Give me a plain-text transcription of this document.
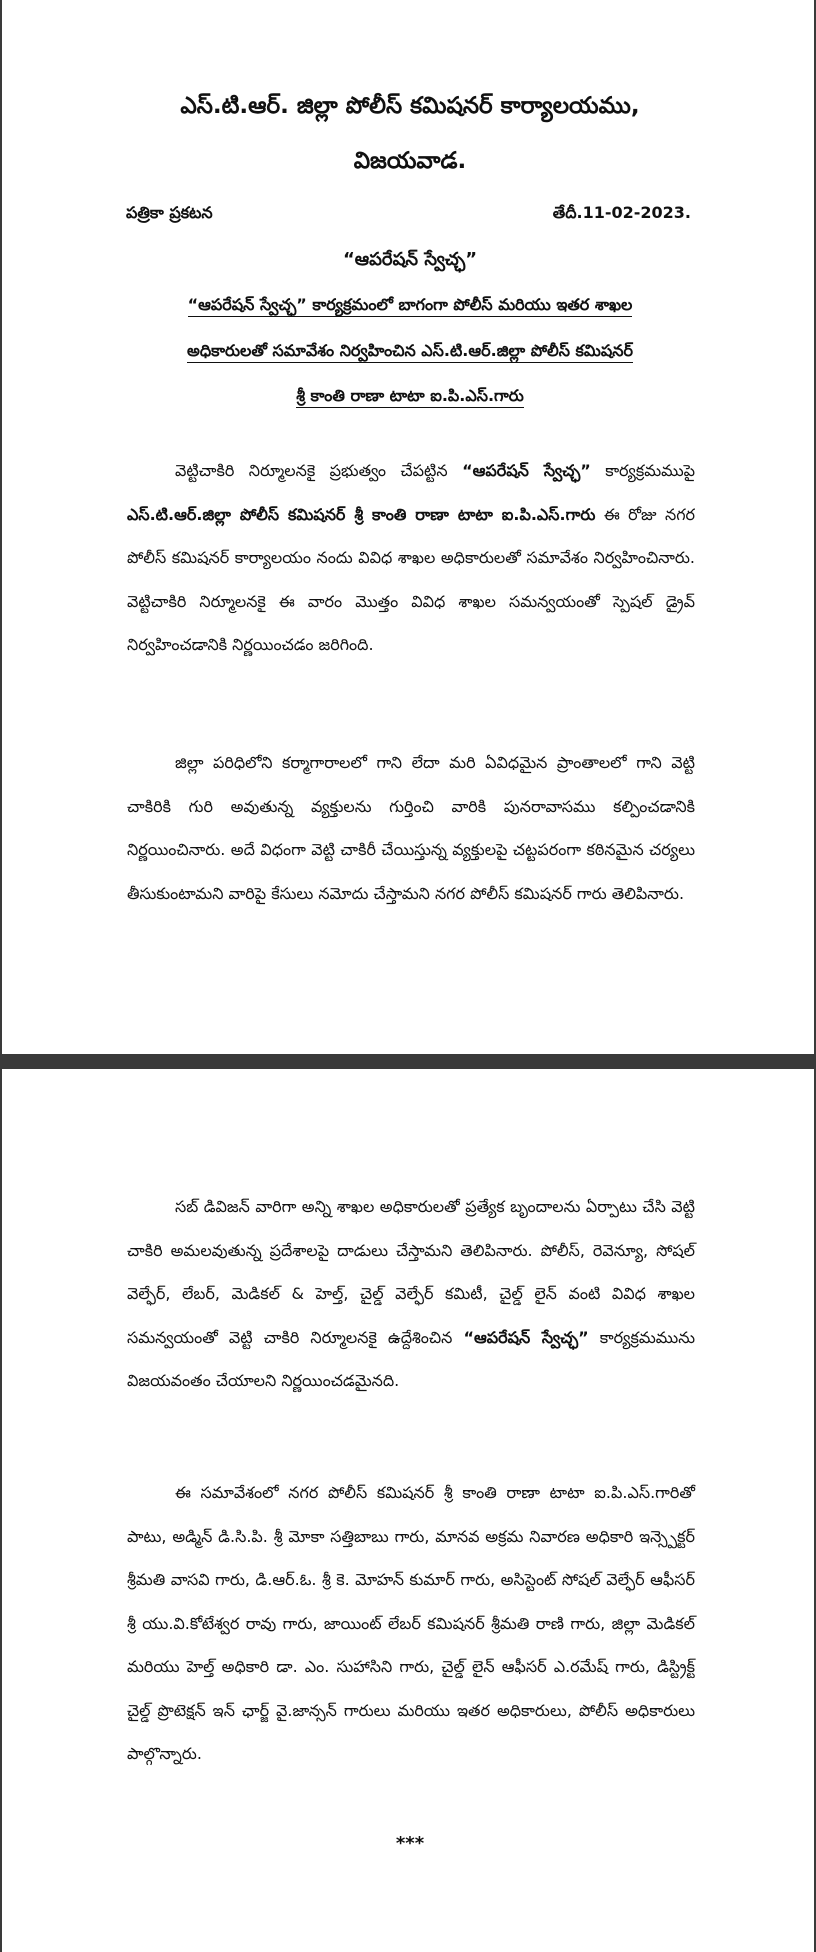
ఎస్.టి.ఆర్. జిల్లా పోలీస్ కమిషనర్ కార్యాలయము,
విజయవాడ.
పత్రికా ప్రకటన	తేదీ.11-02-2023.
“ఆపరేషన్ స్వేచ్ఛ”
“ఆపరేషన్ స్వేచ్ఛ” కార్యక్రమంలో బాగంగా పోలీస్ మరియు ఇతర శాఖల
అధికారులతో సమావేశం నిర్వహించిన ఎస్.టి.ఆర్.జిల్లా పోలీస్ కమిషనర్
శ్రీ కాంతి రాణా టాటా ఐ.పి.ఎస్.గారు

వెట్టిచాకిరి నిర్మూలనకై ప్రభుత్వం చేపట్టిన “ఆపరేషన్ స్వేచ్ఛ” కార్యక్రమముపై ఎస్.టి.ఆర్.జిల్లా పోలీస్ కమిషనర్ శ్రీ కాంతి రాణా టాటా ఐ.పి.ఎస్.గారు ఈ రోజు నగర పోలీస్ కమిషనర్ కార్యాలయం నందు వివిధ శాఖల అధికారులతో సమావేశం నిర్వహించినారు. వెట్టిచాకిరి నిర్మూలనకై ఈ వారం మొత్తం వివిధ శాఖల సమన్వయంతో స్పెషల్ డ్రైవ్ నిర్వహించడానికి నిర్ణయించడం జరిగింది.

జిల్లా పరిధిలోని కర్మాగారాలలో గాని లేదా మరి ఏవిధమైన ప్రాంతాలలో గాని వెట్టి చాకిరికి గురి అవుతున్న వ్యక్తులను గుర్తించి వారికి పునరావాసము కల్పించడానికి నిర్ణయించినారు. అదే విధంగా వెట్టి చాకిరీ చేయిస్తున్న వ్యక్తులపై చట్టపరంగా కఠినమైన చర్యలు తీసుకుంటామని వారిపై కేసులు నమోదు చేస్తామని నగర పోలీస్ కమిషనర్ గారు తెలిపినారు.

సబ్ డివిజన్ వారిగా అన్ని శాఖల అధికారులతో ప్రత్యేక బృందాలను ఏర్పాటు చేసి వెట్టి చాకిరి అమలవుతున్న ప్రదేశాలపై దాడులు చేస్తామని తెలిపినారు. పోలీస్, రెవెన్యూ, సోషల్ వెల్ఫేర్, లేబర్, మెడికల్ & హెల్త్, చైల్డ్ వెల్ఫేర్ కమిటీ, చైల్డ్ లైన్ వంటి వివిధ శాఖల సమన్వయంతో వెట్టి చాకిరి నిర్మూలనకై ఉద్దేశించిన “ఆపరేషన్ స్వేచ్ఛ” కార్యక్రమమును విజయవంతం చేయాలని నిర్ణయించడమైనది.

ఈ సమావేశంలో నగర పోలీస్ కమిషనర్ శ్రీ కాంతి రాణా టాటా ఐ.పి.ఎస్.గారితో పాటు, అడ్మిన్ డి.సి.పి. శ్రీ మోకా సత్తిబాబు గారు, మానవ అక్రమ నివారణ అధికారి ఇన్స్పెక్టర్ శ్రీమతి వాసవి గారు, డి.ఆర్.ఓ. శ్రీ కె. మోహన్ కుమార్ గారు, అసిస్టెంట్ సోషల్ వెల్ఫేర్ ఆఫీసర్ శ్రీ యు.వి.కోటేశ్వర రావు గారు, జాయింట్ లేబర్ కమిషనర్ శ్రీమతి రాణి గారు, జిల్లా మెడికల్ మరియు హెల్త్ అధికారి డా. ఎం. సుహాసిని గారు, చైల్డ్ లైన్ ఆఫీసర్ ఎ.రమేష్ గారు, డిస్ట్రిక్ట్ చైల్డ్ ప్రొటెక్షన్ ఇన్ ఛార్జ్ వై.జాన్సన్ గారులు మరియు ఇతర అధికారులు, పోలీస్ అధికారులు పాల్గొన్నారు.

***
